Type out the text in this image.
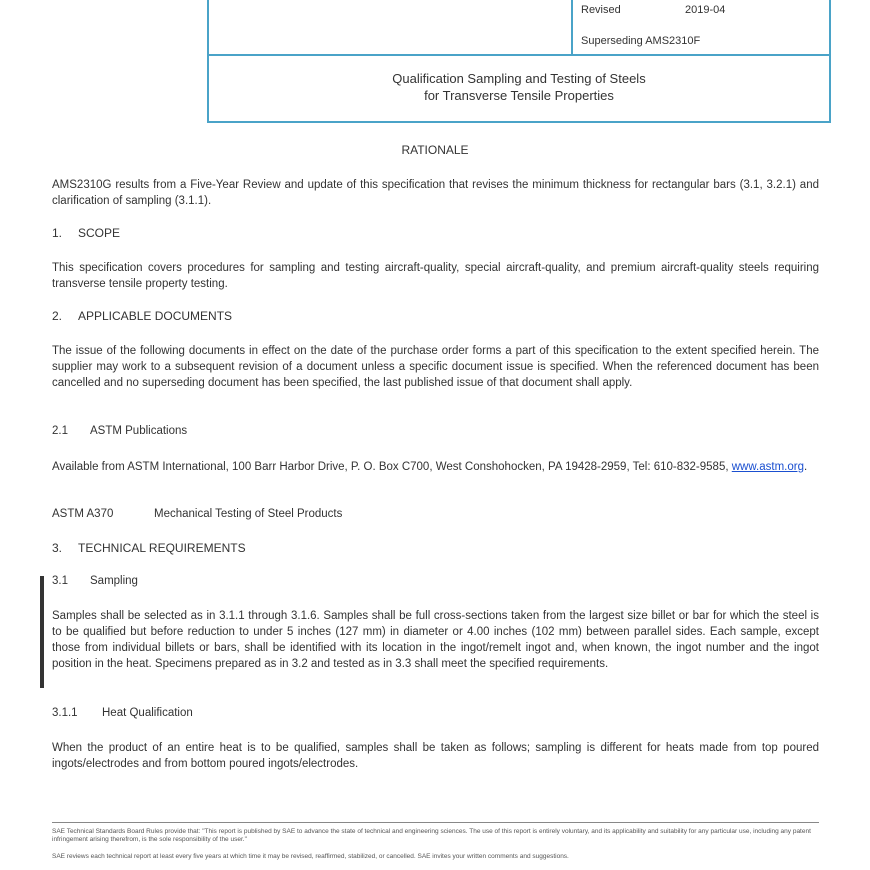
Revised	2019-04
Superseding AMS2310F
Qualification Sampling and Testing of Steels
for Transverse Tensile Properties
RATIONALE
AMS2310G results from a Five-Year Review and update of this specification that revises the minimum thickness for rectangular bars (3.1, 3.2.1) and clarification of sampling (3.1.1).
1. SCOPE
This specification covers procedures for sampling and testing aircraft-quality, special aircraft-quality, and premium aircraft-quality steels requiring transverse tensile property testing.
2. APPLICABLE DOCUMENTS
The issue of the following documents in effect on the date of the purchase order forms a part of this specification to the extent specified herein. The supplier may work to a subsequent revision of a document unless a specific document issue is specified. When the referenced document has been cancelled and no superseding document has been specified, the last published issue of that document shall apply.
2.1 ASTM Publications
Available from ASTM International, 100 Barr Harbor Drive, P. O. Box C700, West Conshohocken, PA 19428-2959, Tel: 610-832-9585, www.astm.org.
ASTM A370	Mechanical Testing of Steel Products
3. TECHNICAL REQUIREMENTS
3.1 Sampling
Samples shall be selected as in 3.1.1 through 3.1.6. Samples shall be full cross-sections taken from the largest size billet or bar for which the steel is to be qualified but before reduction to under 5 inches (127 mm) in diameter or 4.00 inches (102 mm) between parallel sides. Each sample, except those from individual billets or bars, shall be identified with its location in the ingot/remelt ingot and, when known, the ingot number and the ingot position in the heat. Specimens prepared as in 3.2 and tested as in 3.3 shall meet the specified requirements.
3.1.1 Heat Qualification
When the product of an entire heat is to be qualified, samples shall be taken as follows; sampling is different for heats made from top poured ingots/electrodes and from bottom poured ingots/electrodes.
SAE Technical Standards Board Rules provide that: "This report is published by SAE to advance the state of technical and engineering sciences. The use of this report is entirely voluntary, and its applicability and suitability for any particular use, including any patent infringement arising therefrom, is the sole responsibility of the user."
SAE reviews each technical report at least every five years at which time it may be revised, reaffirmed, stabilized, or cancelled. SAE invites your written comments and suggestions.
